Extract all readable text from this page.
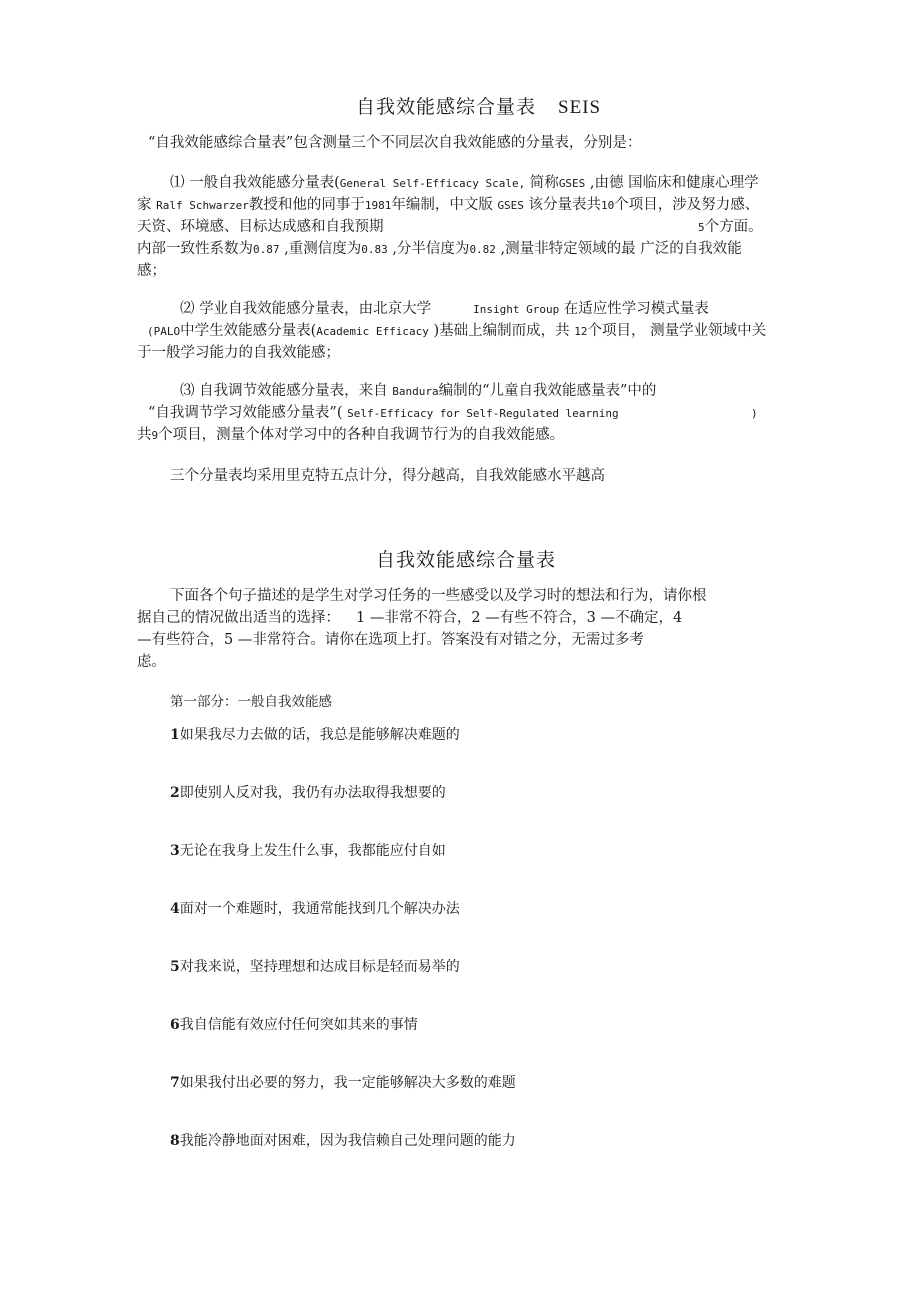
自我效能感综合量表 SEIS
“自我效能感综合量表”包含测量三个不同层次自我效能感的分量表，分别是：
⑴ 一般自我效能感分量表(General Self-Efficacy Scale, 简称GSES ,由德 国临床和健康心理学
家 Ralf Schwarzer教授和他的同事于1981年编制，中文版 GSES 该分量表共10个项目，涉及努力感、
天资、环境感、目标达成感和自我预期	5个方面。
内部一致性系数为0.87 ,重测信度为0.83 ,分半信度为0.82 ,测量非特定领域的最 广泛的自我效能
感；
⑵ 学业自我效能感分量表，由北京大学	Insight Group 在适应性学习模式量表
(PALO中学生效能感分量表(Academic Efficacy )基础上编制而成，共 12个项目， 测量学业领域中关
于一般学习能力的自我效能感；
⑶ 自我调节效能感分量表，来自 Bandura编制的“儿童自我效能感量表”中的
“自我调节学习效能感分量表”( Self-Efficacy for Self-Regulated learning	)
共9个项目，测量个体对学习中的各种自我调节行为的自我效能感。
三个分量表均采用里克特五点计分，得分越高，自我效能感水平越高
自我效能感综合量表
下面各个句子描述的是学生对学习任务的一些感受以及学习时的想法和行为，请你根
据自己的情况做出适当的选择： 1 —非常不符合，2 —有些不符合，3 —不确定，4
—有些符合，5 —非常符合。请你在选项上打。答案没有对错之分，无需过多考
虑。
第一部分：一般自我效能感
1如果我尽力去做的话，我总是能够解决难题的
2即使别人反对我，我仍有办法取得我想要的
3无论在我身上发生什么事，我都能应付自如
4面对一个难题时，我通常能找到几个解决办法
5对我来说，坚持理想和达成目标是轻而易举的
6我自信能有效应付任何突如其来的事情
7如果我付出必要的努力，我一定能够解决大多数的难题
8我能冷静地面对困难，因为我信赖自己处理问题的能力
